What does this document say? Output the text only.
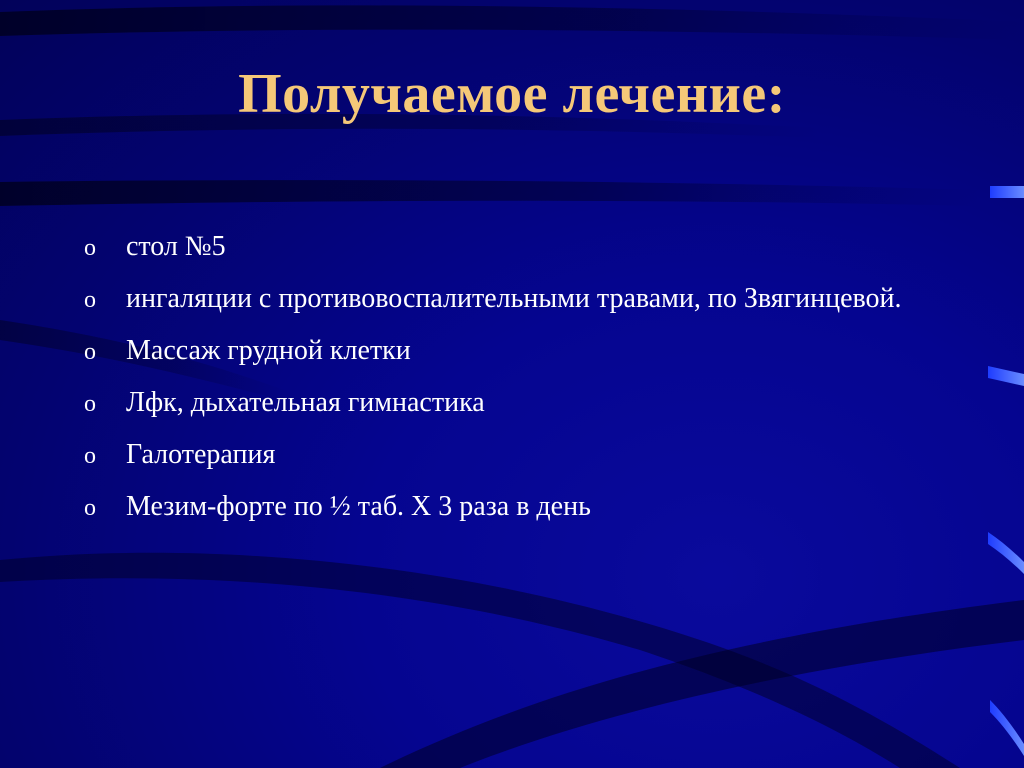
Получаемое лечение:
o	стол №5
o	ингаляции с противовоспалительными травами, по Звягинцевой.
o	Массаж грудной клетки
o	Лфк, дыхательная гимнастика
o	Галотерапия
o	Мезим-форте по ½ таб. Х 3 раза в день
